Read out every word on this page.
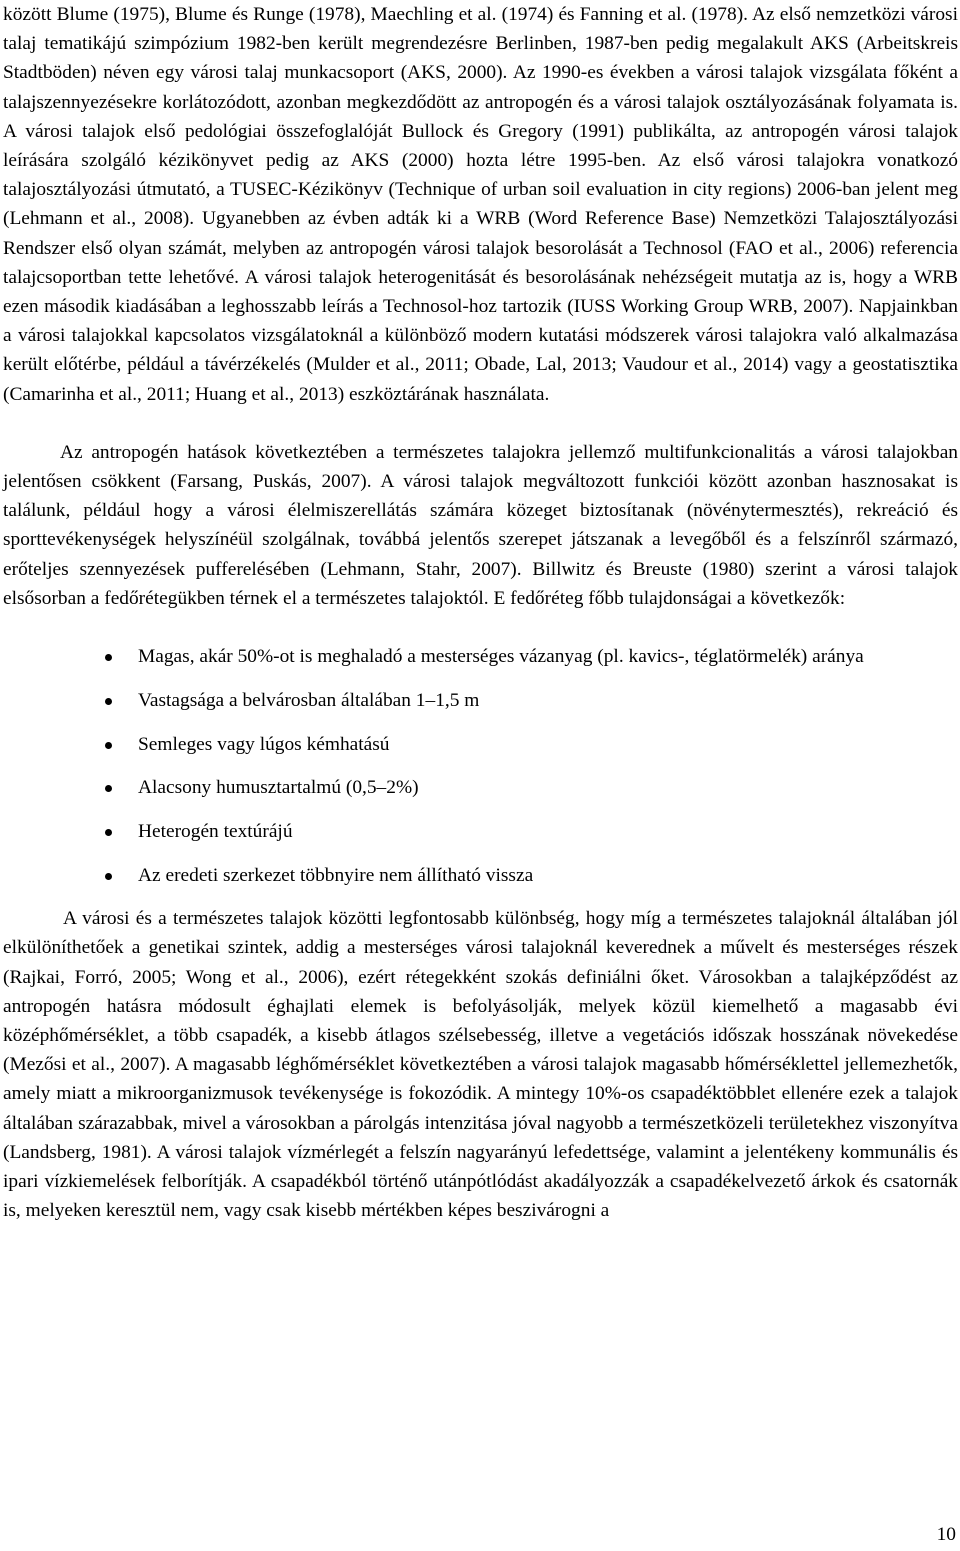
között Blume (1975), Blume és Runge (1978), Maechling et al. (1974) és Fanning et al. (1978). Az első nemzetközi városi talaj tematikájú szimpózium 1982-ben került megrendezésre Berlinben, 1987-ben pedig megalakult AKS (Arbeitskreis Stadtböden) néven egy városi talaj munkacsoport (AKS, 2000). Az 1990-es években a városi talajok vizsgálata főként a talajszennyezésekre korlátozódott, azonban megkezdődött az antropogén és a városi talajok osztályozásának folyamata is. A városi talajok első pedológiai összefoglalóját Bullock és Gregory (1991) publikálta, az antropogén városi talajok leírására szolgáló kézikönyvet pedig az AKS (2000) hozta létre 1995-ben. Az első városi talajokra vonatkozó talajosztályozási útmutató, a TUSEC-Kézikönyv (Technique of urban soil evaluation in city regions) 2006-ban jelent meg (Lehmann et al., 2008). Ugyanebben az évben adták ki a WRB (Word Reference Base) Nemzetközi Talajosztályozási Rendszer első olyan számát, melyben az antropogén városi talajok besorolását a Technosol (FAO et al., 2006) referencia talajcsoportban tette lehetővé. A városi talajok heterogenitását és besorolásának nehézségeit mutatja az is, hogy a WRB ezen második kiadásában a leghosszabb leírás a Technosol-hoz tartozik (IUSS Working Group WRB, 2007). Napjainkban a városi talajokkal kapcsolatos vizsgálatoknál a különböző modern kutatási módszerek városi talajokra való alkalmazása került előtérbe, például a távérzékelés (Mulder et al., 2011; Obade, Lal, 2013; Vaudour et al., 2014) vagy a geostatisztika (Camarinha et al., 2011; Huang et al., 2013) eszköztárának használata.

Az antropogén hatások következtében a természetes talajokra jellemző multifunkcionalitás a városi talajokban jelentősen csökkent (Farsang, Puskás, 2007). A városi talajok megváltozott funkciói között azonban hasznosakat is találunk, például hogy a városi élelmiszerellátás számára közeget biztosítanak (növénytermesztés), rekreáció és sporttevékenységek helyszínéül szolgálnak, továbbá jelentős szerepet játszanak a levegőből és a felszínről származó, erőteljes szennyezések pufferelésében (Lehmann, Stahr, 2007). Billwitz és Breuste (1980) szerint a városi talajok elsősorban a fedőrétegükben térnek el a természetes talajoktól. E fedőréteg főbb tulajdonságai a következők:

Magas, akár 50%-ot is meghaladó a mesterséges vázanyag (pl. kavics-, téglatörmelék) aránya
Vastagsága a belvárosban általában 1–1,5 m
Semleges vagy lúgos kémhatású
Alacsony humusztartalmú (0,5–2%)
Heterogén textúrájú
Az eredeti szerkezet többnyire nem állítható vissza

A városi és a természetes talajok közötti legfontosabb különbség, hogy míg a természetes talajoknál általában jól elkülöníthetőek a genetikai szintek, addig a mesterséges városi talajoknál keverednek a művelt és mesterséges részek (Rajkai, Forró, 2005; Wong et al., 2006), ezért rétegekként szokás definiálni őket. Városokban a talajképződést az antropogén hatásra módosult éghajlati elemek is befolyásolják, melyek közül kiemelhető a magasabb évi középhőmérséklet, a több csapadék, a kisebb átlagos szélsebesség, illetve a vegetációs időszak hosszának növekedése (Mezősi et al., 2007). A magasabb léghőmérséklet következtében a városi talajok magasabb hőmérséklettel jellemezhetők, amely miatt a mikroorganizmusok tevékenysége is fokozódik. A mintegy 10%-os csapadéktöbblet ellenére ezek a talajok általában szárazabbak, mivel a városokban a párolgás intenzitása jóval nagyobb a természetközeli területekhez viszonyítva (Landsberg, 1981). A városi talajok vízmérlegét a felszín nagyarányú lefedettsége, valamint a jelentékeny kommunális és ipari vízkiemelések felborítják. A csapadékból történő utánpótlódást akadályozzák a csapadékelvezető árkok és csatornák is, melyeken keresztül nem, vagy csak kisebb mértékben képes beszivárogni a

10
